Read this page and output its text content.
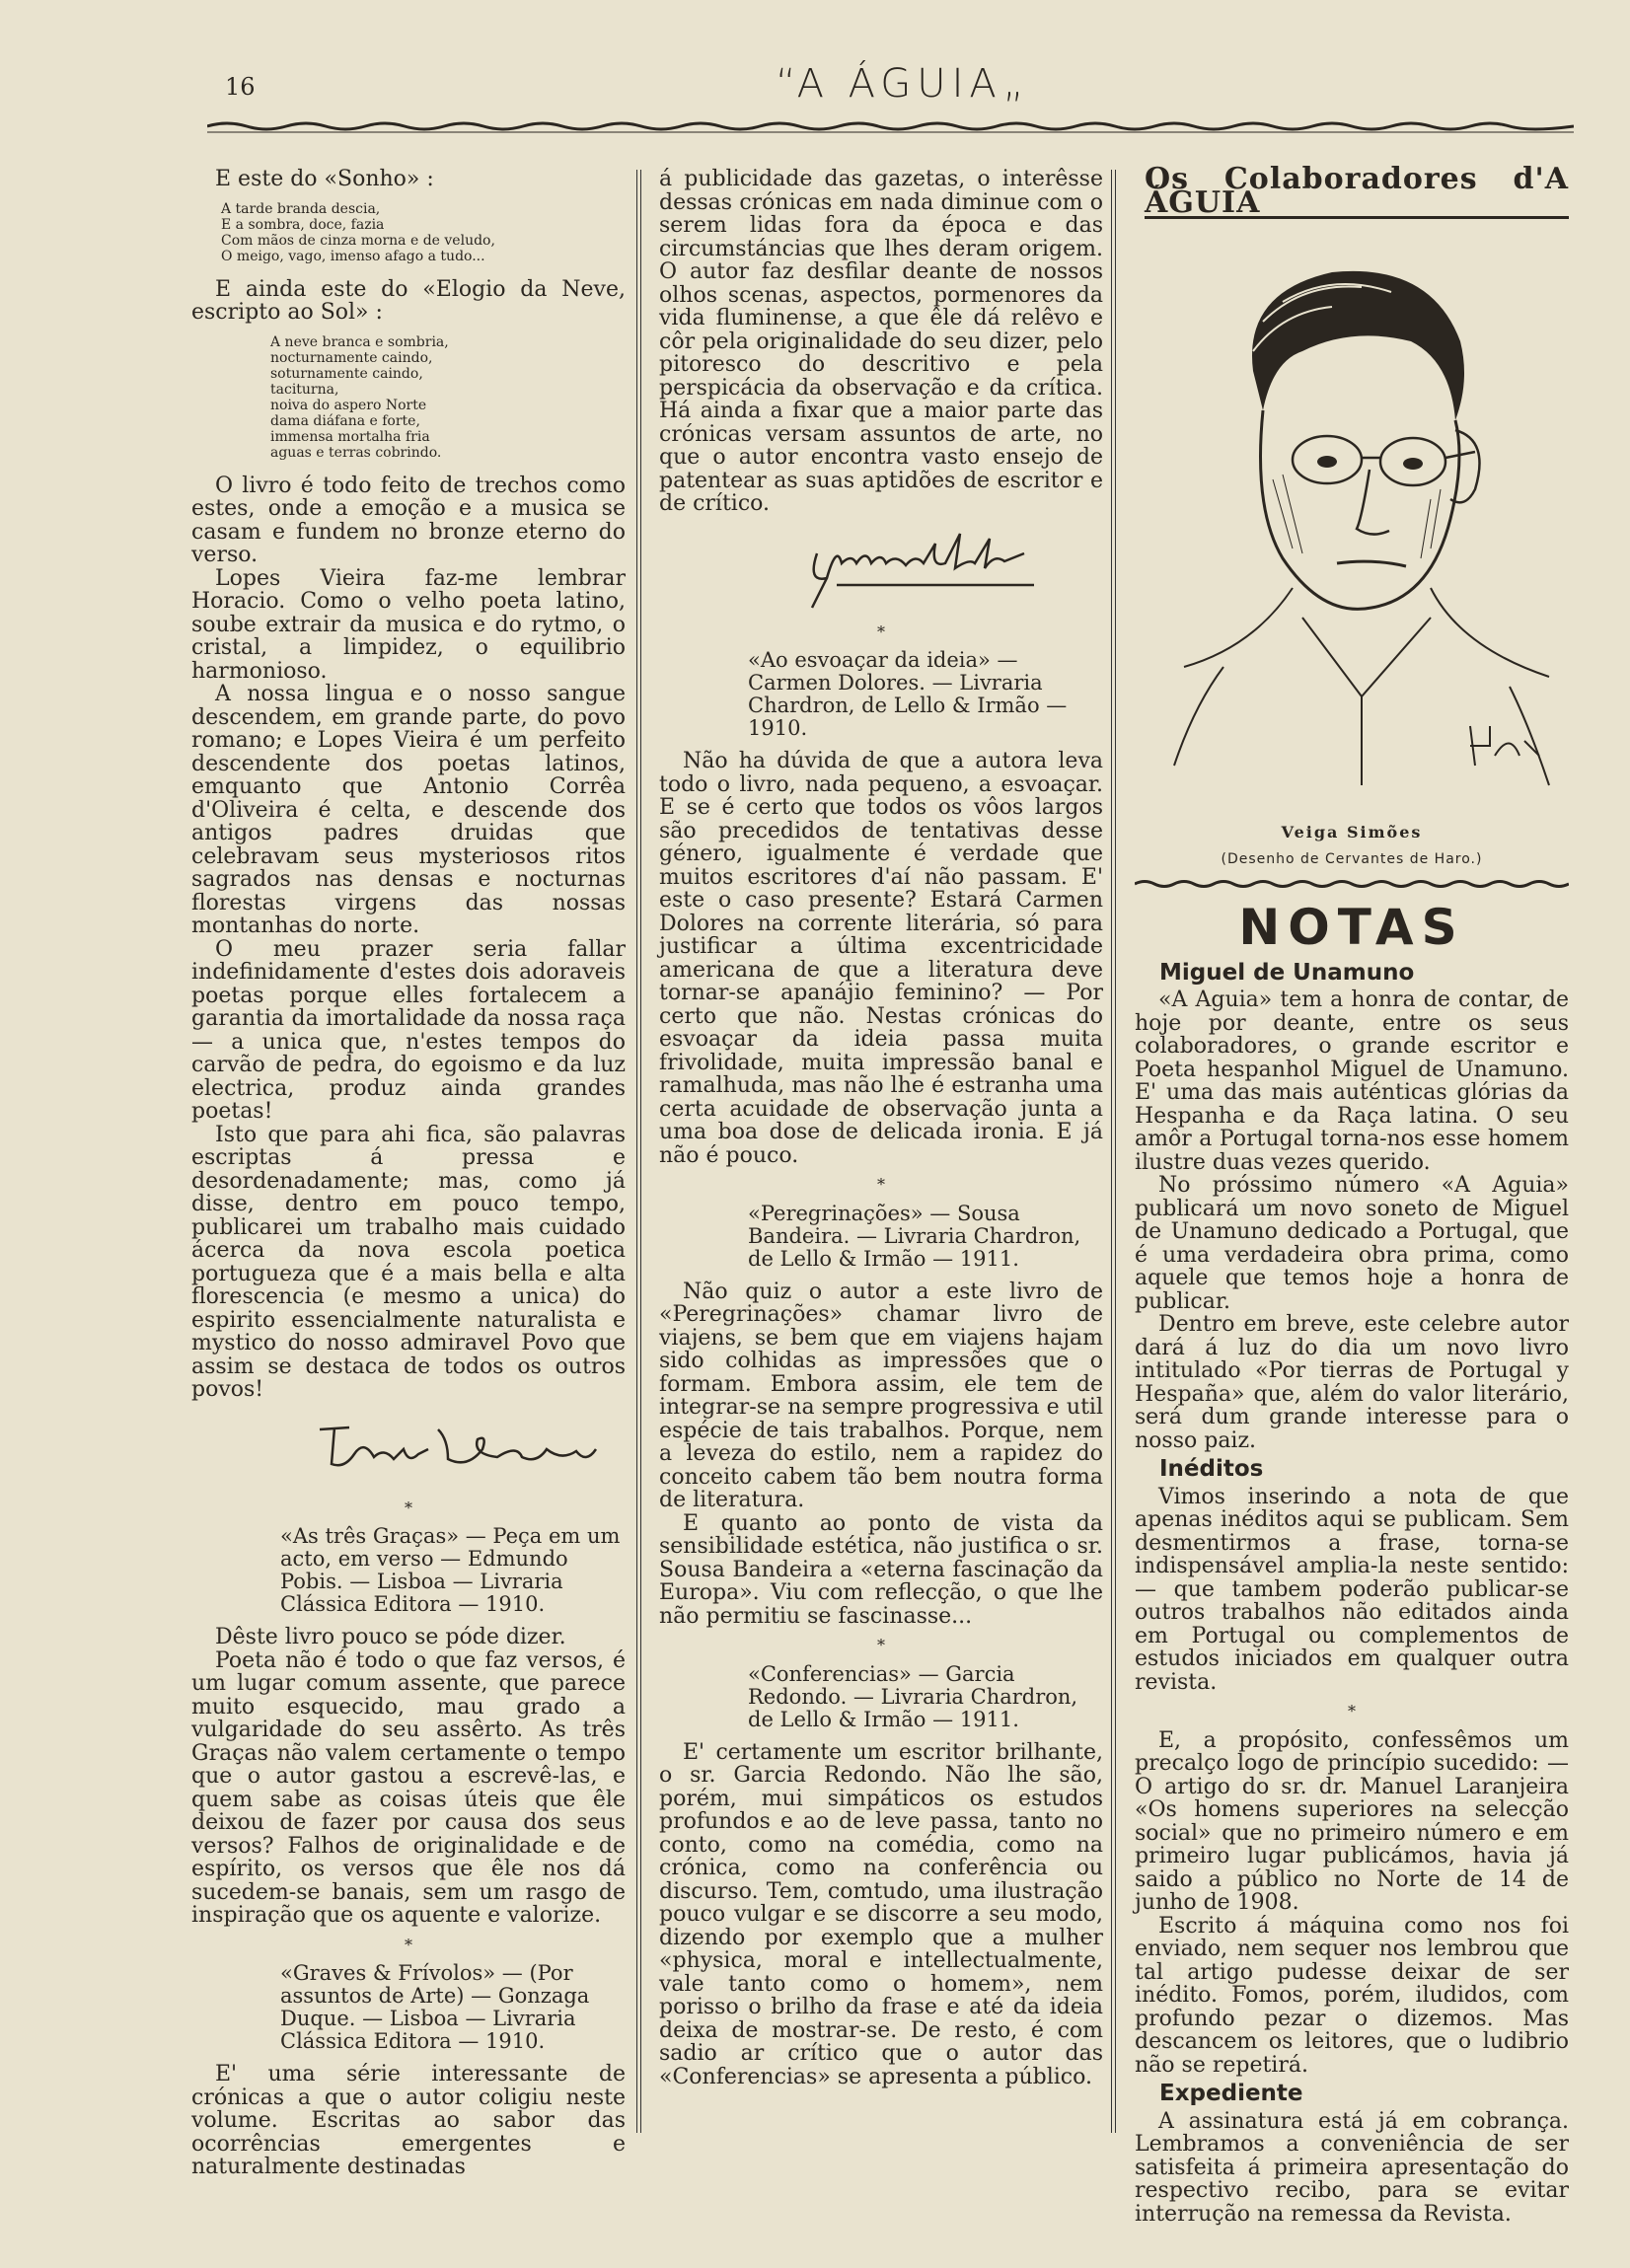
16	“A ÁGUIA„

E este do «Sonho» :

A tarde branda descia,
E a sombra, doce, fazia
Com mãos de cinza morna e de veludo,
O meigo, vago, imenso afago a tudo...

E ainda este do «Elogio da Neve, escripto ao Sol» :

A neve branca e sombria,
nocturnamente caindo,
soturnamente caindo,
taciturna,
noiva do aspero Norte
dama diáfana e forte,
immensa mortalha fria
aguas e terras cobrindo.

O livro é todo feito de trechos como estes, onde a emoção e a musica se casam e fundem no bronze eterno do verso.

Lopes Vieira faz-me lembrar Horacio. Como o velho poeta latino, soube extrair da musica e do rytmo, o cristal, a limpidez, o equilibrio harmonioso.

A nossa lingua e o nosso sangue descendem, em grande parte, do povo romano; e Lopes Vieira é um perfeito descendente dos poetas latinos, emquanto que Antonio Corrêa d'Oliveira é celta, e descende dos antigos padres druidas que celebravam seus mysteriosos ritos sagrados nas densas e nocturnas florestas virgens das nossas montanhas do norte.

O meu prazer seria fallar indefinidamente d'estes dois adoraveis poetas porque elles fortalecem a garantia da imortalidade da nossa raça — a unica que, n'estes tempos do carvão de pedra, do egoismo e da luz electrica, produz ainda grandes poetas!

Isto que para ahi fica, são palavras escriptas á pressa e desordenadamente; mas, como já disse, dentro em pouco tempo, publicarei um trabalho mais cuidado ácerca da nova escola poetica portugueza que é a mais bella e alta florescencia (e mesmo a unica) do espirito essencialmente naturalista e mystico do nosso admiravel Povo que assim se destaca de todos os outros povos!

*
«As três Graças» — Peça em um acto, em verso — Edmundo Pobis. — Lisboa — Livraria Clássica Editora — 1910.

Dêste livro pouco se póde dizer.

Poeta não é todo o que faz versos, é um lugar comum assente, que parece muito esquecido, mau grado a vulgaridade do seu assêrto. As três Graças não valem certamente o tempo que o autor gastou a escrevê-las, e quem sabe as coisas úteis que êle deixou de fazer por causa dos seus versos? Falhos de originalidade e de espírito, os versos que êle nos dá sucedem-se banais, sem um rasgo de inspiração que os aquente e valorize.

*
«Graves & Frívolos» — (Por assuntos de Arte) — Gonzaga Duque. — Lisboa — Livraria Clássica Editora — 1910.

E' uma série interessante de crónicas a que o autor coligiu neste volume. Escritas ao sabor das ocorrências emergentes e naturalmente destinadas

á publicidade das gazetas, o interêsse dessas crónicas em nada diminue com o serem lidas fora da época e das circumstáncias que lhes deram origem. O autor faz desfilar deante de nossos olhos scenas, aspectos, pormenores da vida fluminense, a que êle dá relêvo e côr pela originalidade do seu dizer, pelo pitoresco do descritivo e pela perspicácia da observação e da crítica. Há ainda a fixar que a maior parte das crónicas versam assuntos de arte, no que o autor encontra vasto ensejo de patentear as suas aptidões de escritor e de crítico.

*
«Ao esvoaçar da ideia» — Carmen Dolores. — Livraria Chardron, de Lello & Irmão — 1910.

Não ha dúvida de que a autora leva todo o livro, nada pequeno, a esvoaçar. E se é certo que todos os vôos largos são precedidos de tentativas desse género, igualmente é verdade que muitos escritores d'aí não passam. E' este o caso presente? Estará Carmen Dolores na corrente literária, só para justificar a última excentricidade americana de que a literatura deve tornar-se apanájio feminino? — Por certo que não. Nestas crónicas do esvoaçar da ideia passa muita frivolidade, muita impressão banal e ramalhuda, mas não lhe é estranha uma certa acuidade de observação junta a uma boa dose de delicada ironia. E já não é pouco.

*
«Peregrinações» — Sousa Bandeira. — Livraria Chardron, de Lello & Irmão — 1911.

Não quiz o autor a este livro de «Peregrinações» chamar livro de viajens, se bem que em viajens hajam sido colhidas as impressões que o formam. Embora assim, ele tem de integrar-se na sempre progressiva e util espécie de tais trabalhos. Porque, nem a leveza do estilo, nem a rapidez do conceito cabem tão bem noutra forma de literatura.

E quanto ao ponto de vista da sensibilidade estética, não justifica o sr. Sousa Bandeira a «eterna fascinação da Europa». Viu com reflecção, o que lhe não permitiu se fascinasse...

*
«Conferencias» — Garcia Redondo. — Livraria Chardron, de Lello & Irmão — 1911.

E' certamente um escritor brilhante, o sr. Garcia Redondo. Não lhe são, porém, mui simpáticos os estudos profundos e ao de leve passa, tanto no conto, como na comédia, como na crónica, como na conferência ou discurso. Tem, comtudo, uma ilustração pouco vulgar e se discorre a seu modo, dizendo por exemplo que a mulher «physica, moral e intellectualmente, vale tanto como o homem», nem porisso o brilho da frase e até da ideia deixa de mostrar-se. De resto, é com sadio ar crítico que o autor das «Conferencias» se apresenta a público.

Os Colaboradores d'A ÁGUIA
Veiga Simões
(Desenho de Cervantes de Haro.)
NOTAS
Miguel de Unamuno

«A Aguia» tem a honra de contar, de hoje por deante, entre os seus colaboradores, o grande escritor e Poeta hespanhol Miguel de Unamuno. E' uma das mais auténticas glórias da Hespanha e da Raça latina. O seu amôr a Portugal torna-nos esse homem ilustre duas vezes querido.

No próssimo número «A Aguia» publicará um novo soneto de Miguel de Unamuno dedicado a Portugal, que é uma verdadeira obra prima, como aquele que temos hoje a honra de publicar.

Dentro em breve, este celebre autor dará á luz do dia um novo livro intitulado «Por tierras de Portugal y Hespaña» que, além do valor literário, será dum grande interesse para o nosso paiz.

Inéditos

Vimos inserindo a nota de que apenas inéditos aqui se publicam. Sem desmentirmos a frase, torna-se indispensável amplia-la neste sentido: — que tambem poderão publicar-se outros trabalhos não editados ainda em Portugal ou complementos de estudos iniciados em qualquer outra revista.

*

E, a propósito, confessêmos um precalço logo de princípio sucedido: — O artigo do sr. dr. Manuel Laranjeira «Os homens superiores na selecção social» que no primeiro número e em primeiro lugar publicámos, havia já saido a público no Norte de 14 de junho de 1908.

Escrito á máquina como nos foi enviado, nem sequer nos lembrou que tal artigo pudesse deixar de ser inédito. Fomos, porém, iludidos, com profundo pezar o dizemos. Mas descancem os leitores, que o ludibrio não se repetirá.

Expediente

A assinatura está já em cobrança. Lembramos a conveniência de ser satisfeita á primeira apresentação do respectivo recibo, para se evitar interrução na remessa da Revista.
